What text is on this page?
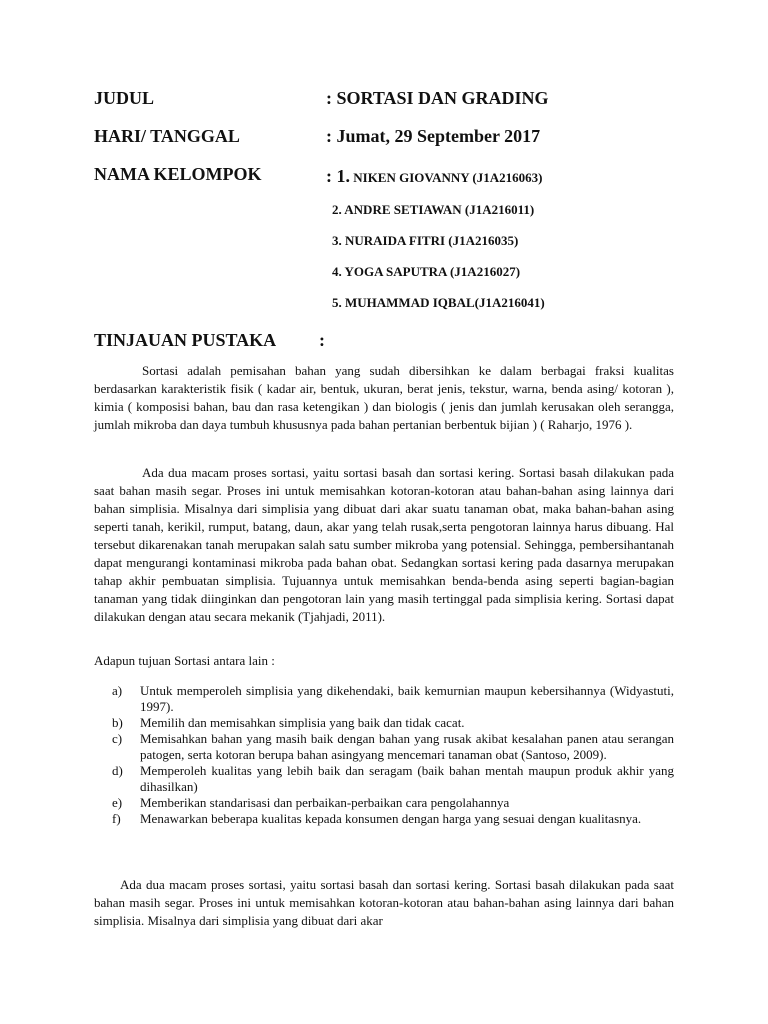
JUDUL	: SORTASI DAN GRADING
HARI/ TANGGAL	: Jumat, 29 September 2017
NAMA KELOMPOK	: 1. NIKEN GIOVANNY (J1A216063)
2. ANDRE SETIAWAN (J1A216011)
3. NURAIDA FITRI (J1A216035)
4. YOGA SAPUTRA (J1A216027)
5. MUHAMMAD IQBAL(J1A216041)
TINJAUAN PUSTAKA :
Sortasi adalah pemisahan bahan yang sudah dibersihkan ke dalam berbagai fraksi kualitas berdasarkan karakteristik fisik ( kadar air, bentuk, ukuran, berat jenis, tekstur, warna, benda asing/ kotoran ), kimia ( komposisi bahan, bau dan rasa ketengikan ) dan biologis ( jenis dan jumlah kerusakan oleh serangga, jumlah mikroba dan daya tumbuh khususnya pada bahan pertanian berbentuk bijian ) ( Raharjo, 1976 ).
Ada dua macam proses sortasi, yaitu sortasi basah dan sortasi kering. Sortasi basah dilakukan pada saat bahan masih segar. Proses ini untuk memisahkan kotoran-kotoran atau bahan-bahan asing lainnya dari bahan simplisia. Misalnya dari simplisia yang dibuat dari akar suatu tanaman obat, maka bahan-bahan asing seperti tanah, kerikil, rumput, batang, daun, akar yang telah rusak,serta pengotoran lainnya harus dibuang. Hal tersebut dikarenakan tanah merupakan salah satu sumber mikroba yang potensial. Sehingga, pembersihantanah dapat mengurangi kontaminasi mikroba pada bahan obat. Sedangkan sortasi kering pada dasarnya merupakan tahap akhir pembuatan simplisia. Tujuannya untuk memisahkan benda-benda asing seperti bagian-bagian tanaman yang tidak diinginkan dan pengotoran lain yang masih tertinggal pada simplisia kering. Sortasi dapat dilakukan dengan atau secara mekanik (Tjahjadi, 2011).
Adapun tujuan Sortasi antara lain :
a) Untuk memperoleh simplisia yang dikehendaki, baik kemurnian maupun kebersihannya (Widyastuti, 1997).
b) Memilih dan memisahkan simplisia yang baik dan tidak cacat.
c) Memisahkan bahan yang masih baik dengan bahan yang rusak akibat kesalahan panen atau serangan patogen, serta kotoran berupa bahan asingyang mencemari tanaman obat (Santoso, 2009).
d) Memperoleh kualitas yang lebih baik dan seragam (baik bahan mentah maupun produk akhir yang dihasilkan)
e) Memberikan standarisasi dan perbaikan-perbaikan cara pengolahannya
f) Menawarkan beberapa kualitas kepada konsumen dengan harga yang sesuai dengan kualitasnya.
Ada dua macam proses sortasi, yaitu sortasi basah dan sortasi kering. Sortasi basah dilakukan pada saat bahan masih segar. Proses ini untuk memisahkan kotoran-kotoran atau bahan-bahan asing lainnya dari bahan simplisia. Misalnya dari simplisia yang dibuat dari akar
